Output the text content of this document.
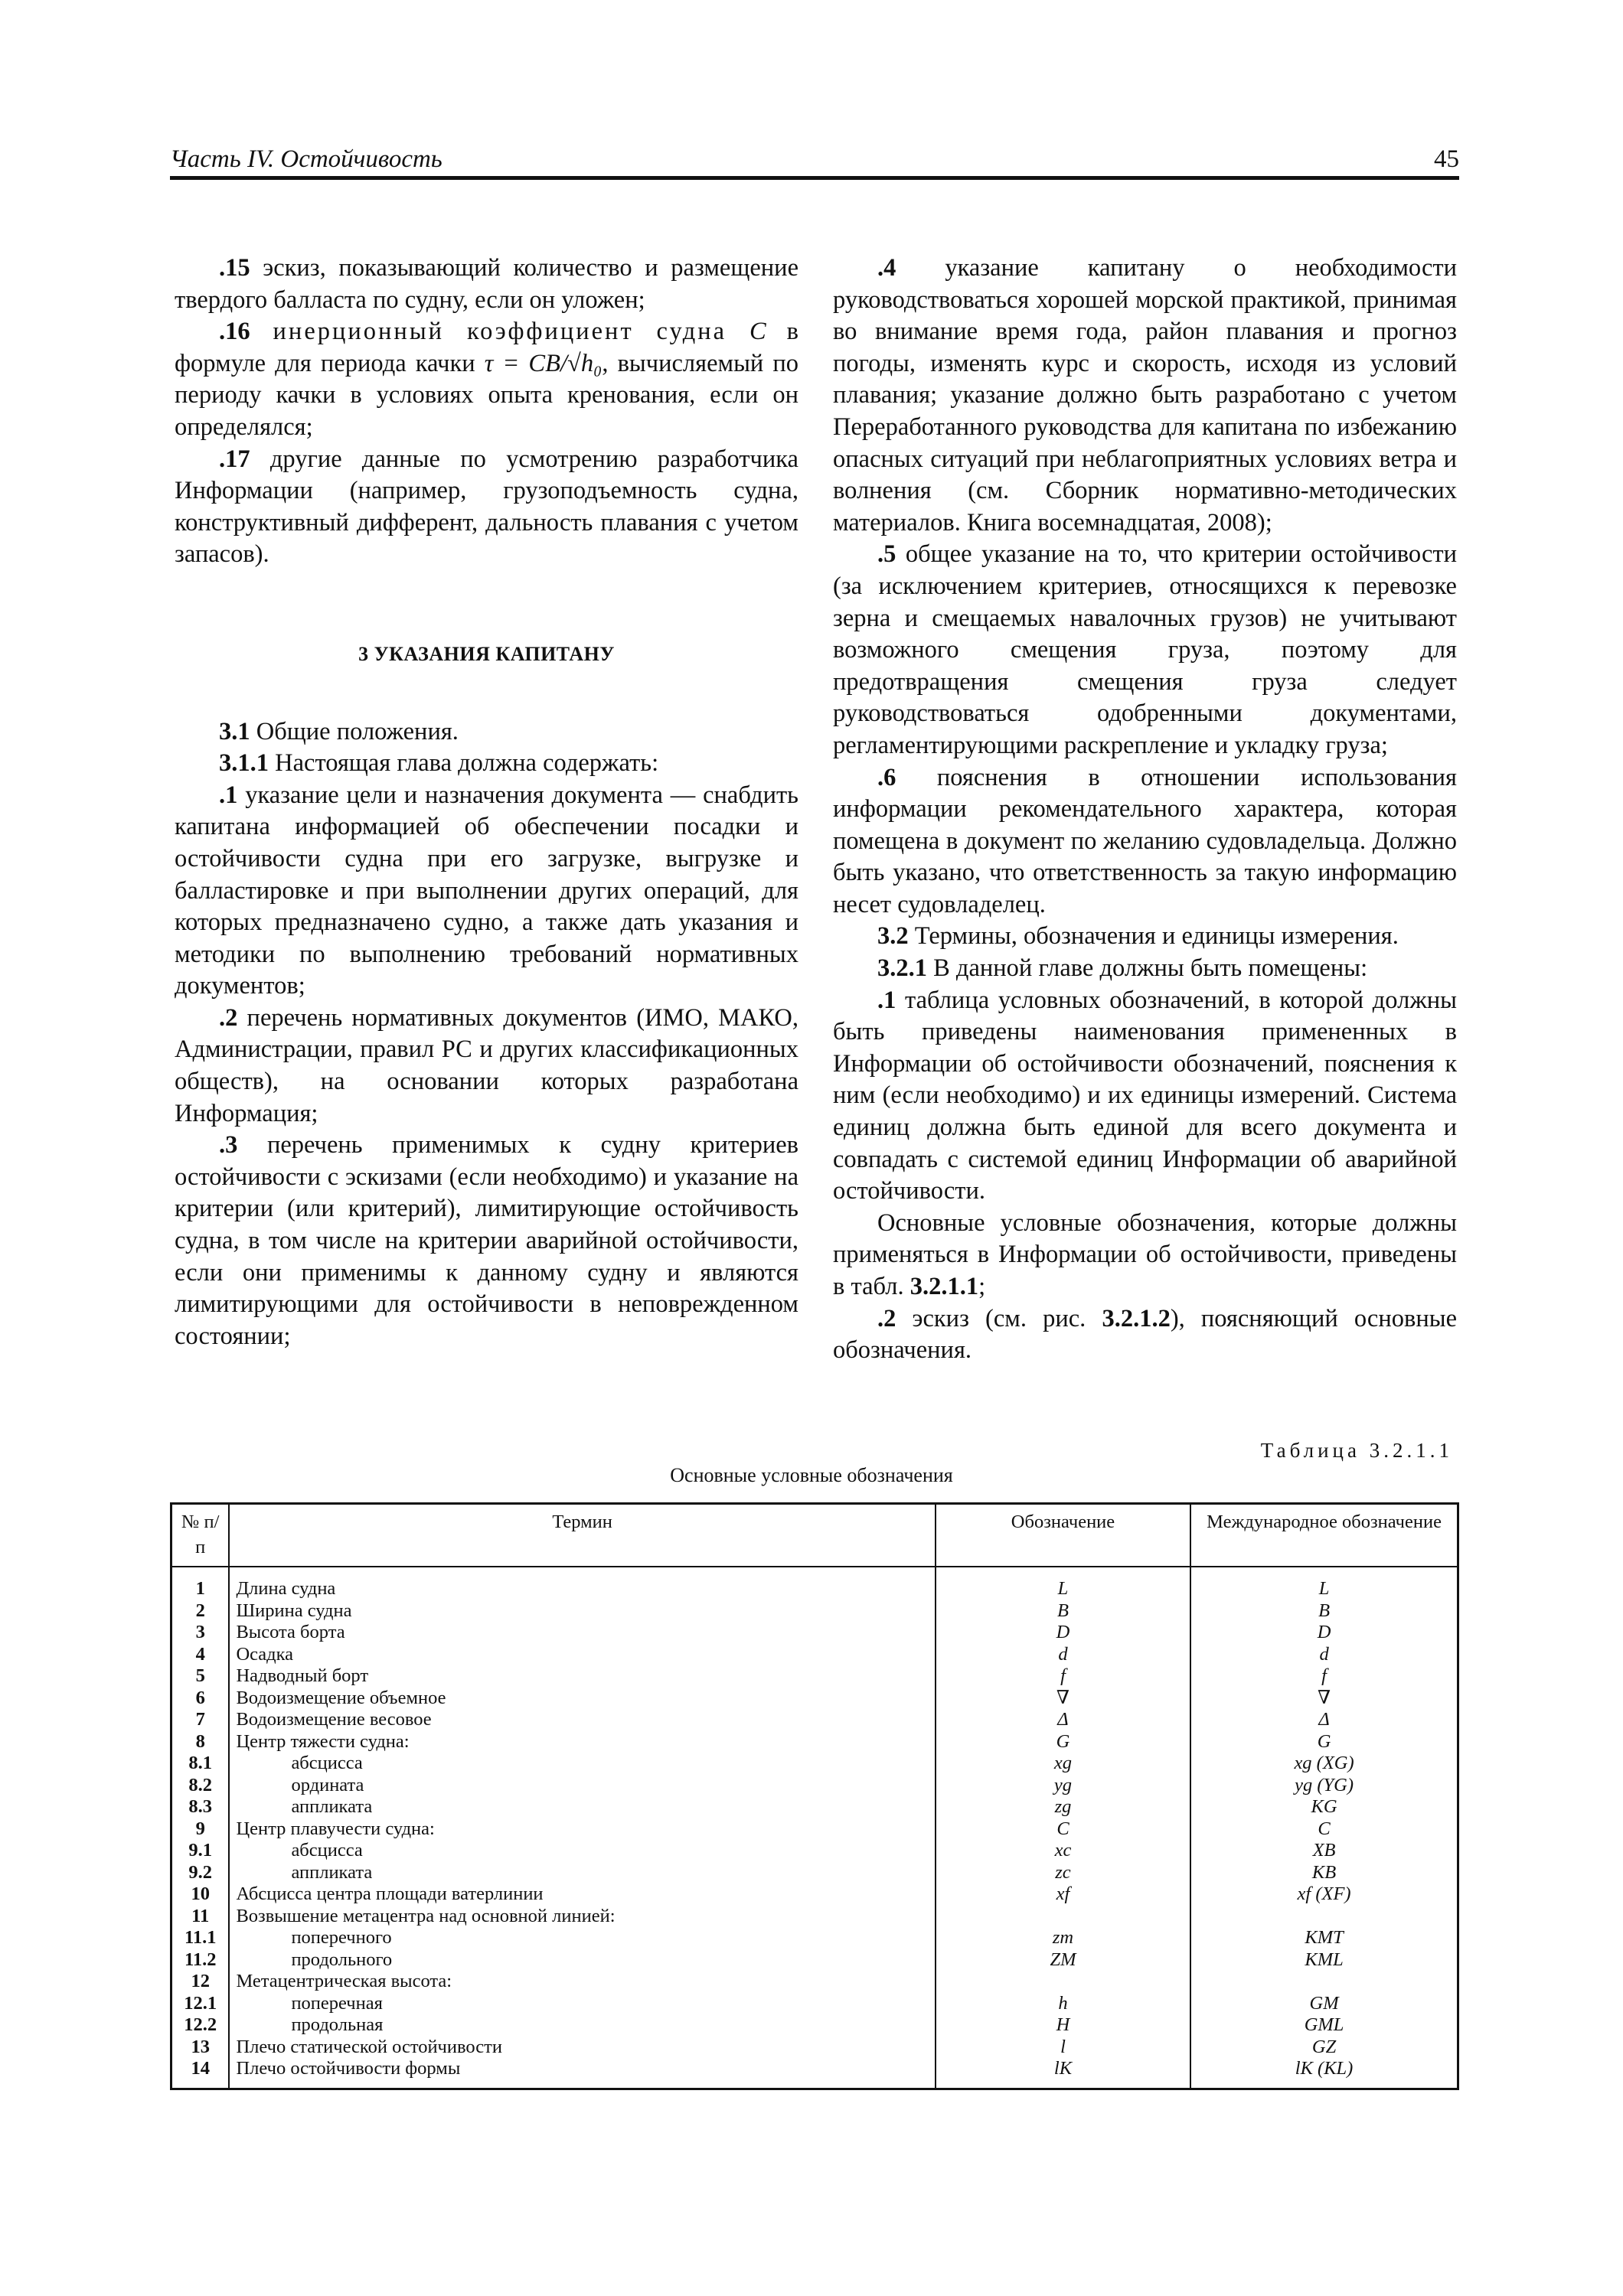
Часть IV. Остойчивость	45

.15 эскиз, показывающий количество и размещение твердого балласта по судну, если он уложен;

.16 инерционный коэффициент судна C в формуле для периода качки τ = CB/√h₀, вычисляемый по периоду качки в условиях опыта кренования, если он определялся;

.17 другие данные по усмотрению разработчика Информации (например, грузоподъемность судна, конструктивный дифферент, дальность плавания с учетом запасов).

3 УКАЗАНИЯ КАПИТАНУ

3.1 Общие положения.

3.1.1 Настоящая глава должна содержать:

.1 указание цели и назначения документа — снабдить капитана информацией об обеспечении посадки и остойчивости судна при его загрузке, выгрузке и балластировке и при выполнении других операций, для которых предназначено судно, а также дать указания и методики по выполнению требований нормативных документов;

.2 перечень нормативных документов (ИМО, МАКО, Администрации, правил РС и других классификационных обществ), на основании которых разработана Информация;

.3 перечень применимых к судну критериев остойчивости с эскизами (если необходимо) и указание на критерии (или критерий), лимитирующие остойчивость судна, в том числе на критерии аварийной остойчивости, если они применимы к данному судну и являются лимитирующими для остойчивости в неповрежденном состоянии;

.4 указание капитану о необходимости руководствоваться хорошей морской практикой, принимая во внимание время года, район плавания и прогноз погоды, изменять курс и скорость, исходя из условий плавания; указание должно быть разработано с учетом Переработанного руководства для капитана по избежанию опасных ситуаций при неблагоприятных условиях ветра и волнения (см. Сборник нормативно-методических материалов. Книга восемнадцатая, 2008);

.5 общее указание на то, что критерии остойчивости (за исключением критериев, относящихся к перевозке зерна и смещаемых навалочных грузов) не учитывают возможного смещения груза, поэтому для предотвращения смещения груза следует руководствоваться одобренными документами, регламентирующими раскрепление и укладку груза;

.6 пояснения в отношении использования информации рекомендательного характера, которая помещена в документ по желанию судовладельца. Должно быть указано, что ответственность за такую информацию несет судовладелец.

3.2 Термины, обозначения и единицы измерения.

3.2.1 В данной главе должны быть помещены:

.1 таблица условных обозначений, в которой должны быть приведены наименования примененных в Информации об остойчивости обозначений, пояснения к ним (если необходимо) и их единицы измерений. Система единиц должна быть единой для всего документа и совпадать с системой единиц Информации об аварийной остойчивости.

Основные условные обозначения, которые должны применяться в Информации об остойчивости, приведены в табл. 3.2.1.1;

.2 эскиз (см. рис. 3.2.1.2), поясняющий основные обозначения.

Таблица 3.2.1.1
Основные условные обозначения
№ п/п	Термин	Обозначение	Международное обозначение
1	Длина судна	L	L
2	Ширина судна	B	B
3	Высота борта	D	D
4	Осадка	d	d
5	Надводный борт	f	f
6	Водоизмещение объемное	∇	∇
7	Водоизмещение весовое	Δ	Δ
8	Центр тяжести судна:	G	G
8.1	абсцисса	xg	xg (XG)
8.2	ордината	yg	yg (YG)
8.3	аппликата	zg	KG
9	Центр плавучести судна:	C	C
9.1	абсцисса	xc	XB
9.2	аппликата	zc	KB
10	Абсцисса центра площади ватерлинии	xf	xf (XF)
11	Возвышение метацентра над основной линией:		
11.1	поперечного	zm	KMT
11.2	продольного	ZM	KML
12	Метацентрическая высота:		
12.1	поперечная	h	GM
12.2	продольная	H	GML
13	Плечо статической остойчивости	l	GZ
14	Плечо остойчивости формы	lK	lK (KL)
